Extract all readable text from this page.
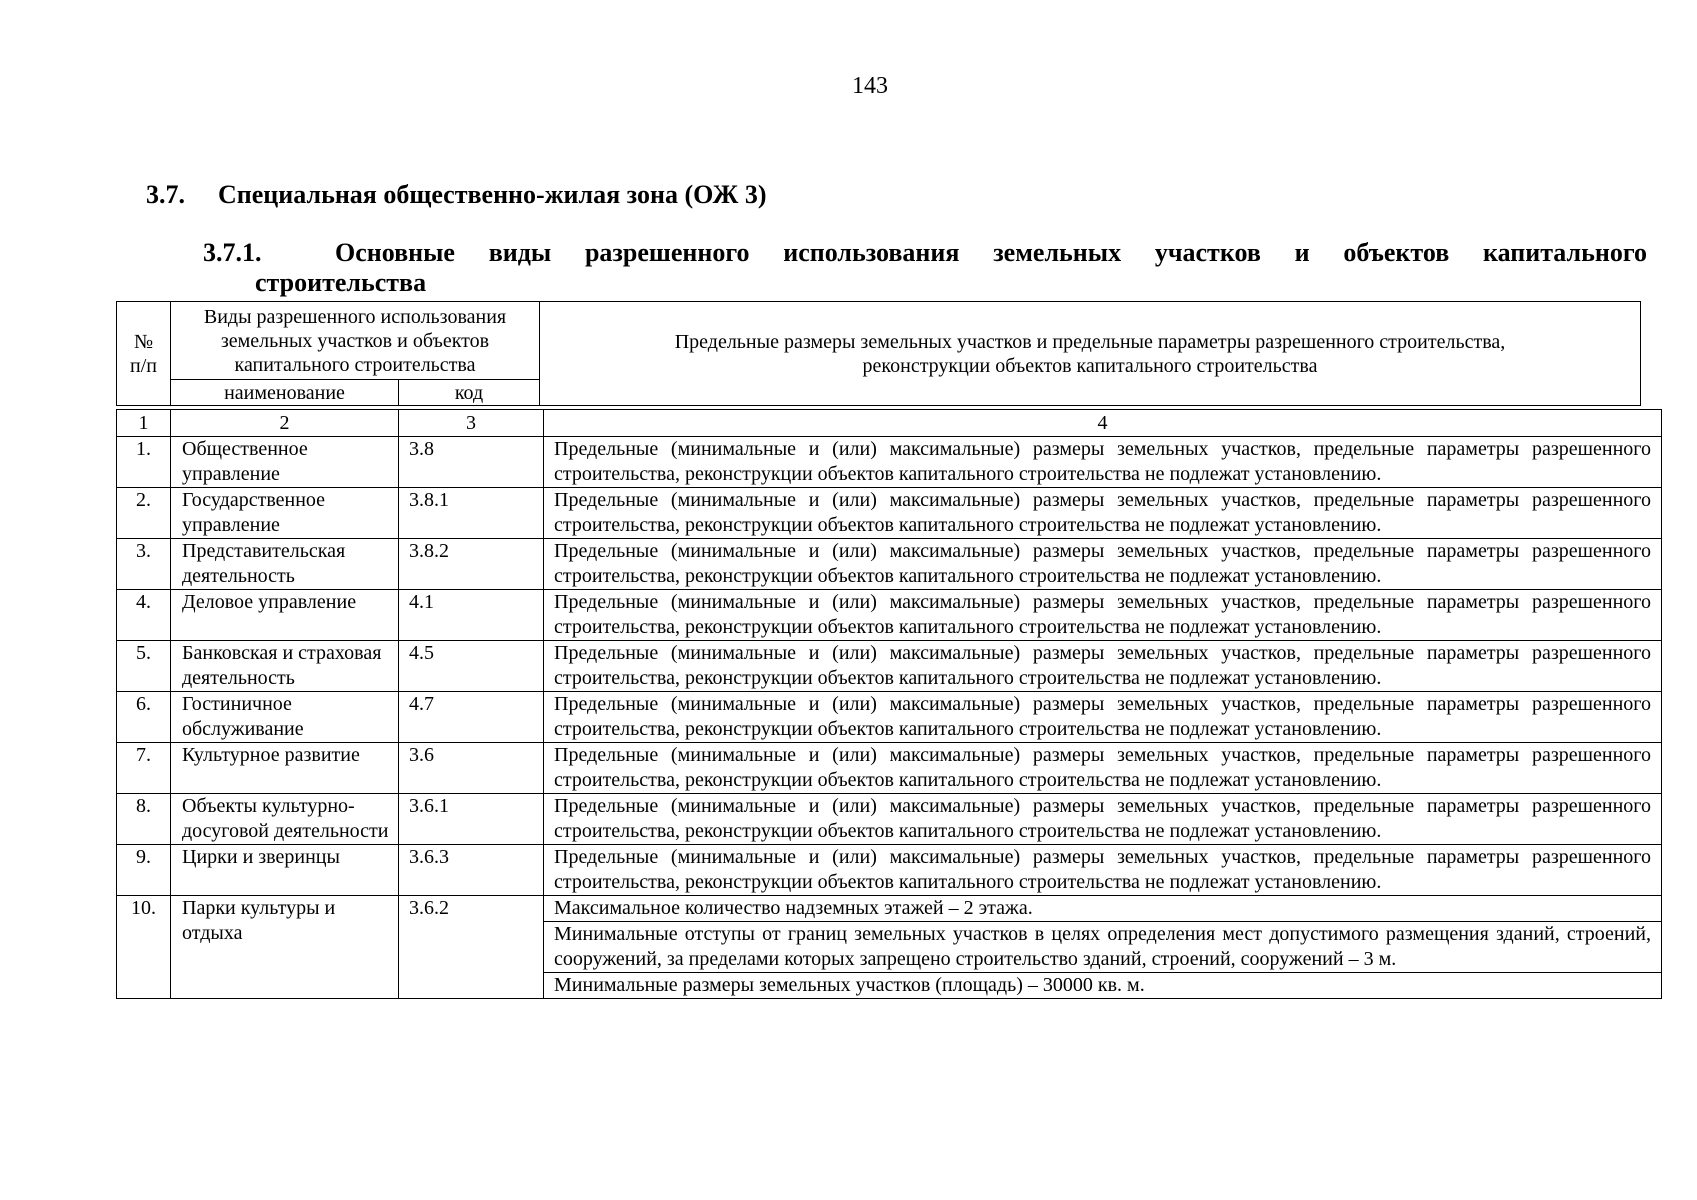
143
3.7. Специальная общественно-жилая зона (ОЖ 3)
3.7.1.	Основные виды разрешенного использования земельных участков и объектов капитального
строительства
№ п/п	Виды разрешенного использования земельных участков и объектов капитального строительства		Предельные размеры земельных участков и предельные параметры разрешенного строительства, реконструкции объектов капитального строительства
	наименование	код	
1	2	3	4
1.	Общественное управление	3.8	Предельные (минимальные и (или) максимальные) размеры земельных участков, предельные параметры разрешенного строительства, реконструкции объектов капитального строительства не подлежат установлению.
2.	Государственное управление	3.8.1	Предельные (минимальные и (или) максимальные) размеры земельных участков, предельные параметры разрешенного строительства, реконструкции объектов капитального строительства не подлежат установлению.
3.	Представительская деятельность	3.8.2	Предельные (минимальные и (или) максимальные) размеры земельных участков, предельные параметры разрешенного строительства, реконструкции объектов капитального строительства не подлежат установлению.
4.	Деловое управление	4.1	Предельные (минимальные и (или) максимальные) размеры земельных участков, предельные параметры разрешенного строительства, реконструкции объектов капитального строительства не подлежат установлению.
5.	Банковская и страховая деятельность	4.5	Предельные (минимальные и (или) максимальные) размеры земельных участков, предельные параметры разрешенного строительства, реконструкции объектов капитального строительства не подлежат установлению.
6.	Гостиничное обслуживание	4.7	Предельные (минимальные и (или) максимальные) размеры земельных участков, предельные параметры разрешенного строительства, реконструкции объектов капитального строительства не подлежат установлению.
7.	Культурное развитие	3.6	Предельные (минимальные и (или) максимальные) размеры земельных участков, предельные параметры разрешенного строительства, реконструкции объектов капитального строительства не подлежат установлению.
8.	Объекты культурно-досуговой деятельности	3.6.1	Предельные (минимальные и (или) максимальные) размеры земельных участков, предельные параметры разрешенного строительства, реконструкции объектов капитального строительства не подлежат установлению.
9.	Цирки и зверинцы	3.6.3	Предельные (минимальные и (или) максимальные) размеры земельных участков, предельные параметры разрешенного строительства, реконструкции объектов капитального строительства не подлежат установлению.
10.	Парки культуры и отдыха	3.6.2	Максимальное количество надземных этажей – 2 этажа.
			Минимальные отступы от границ земельных участков в целях определения мест допустимого размещения зданий, строений, сооружений, за пределами которых запрещено строительство зданий, строений, сооружений – 3 м.
			Минимальные размеры земельных участков (площадь) – 30000 кв. м.
